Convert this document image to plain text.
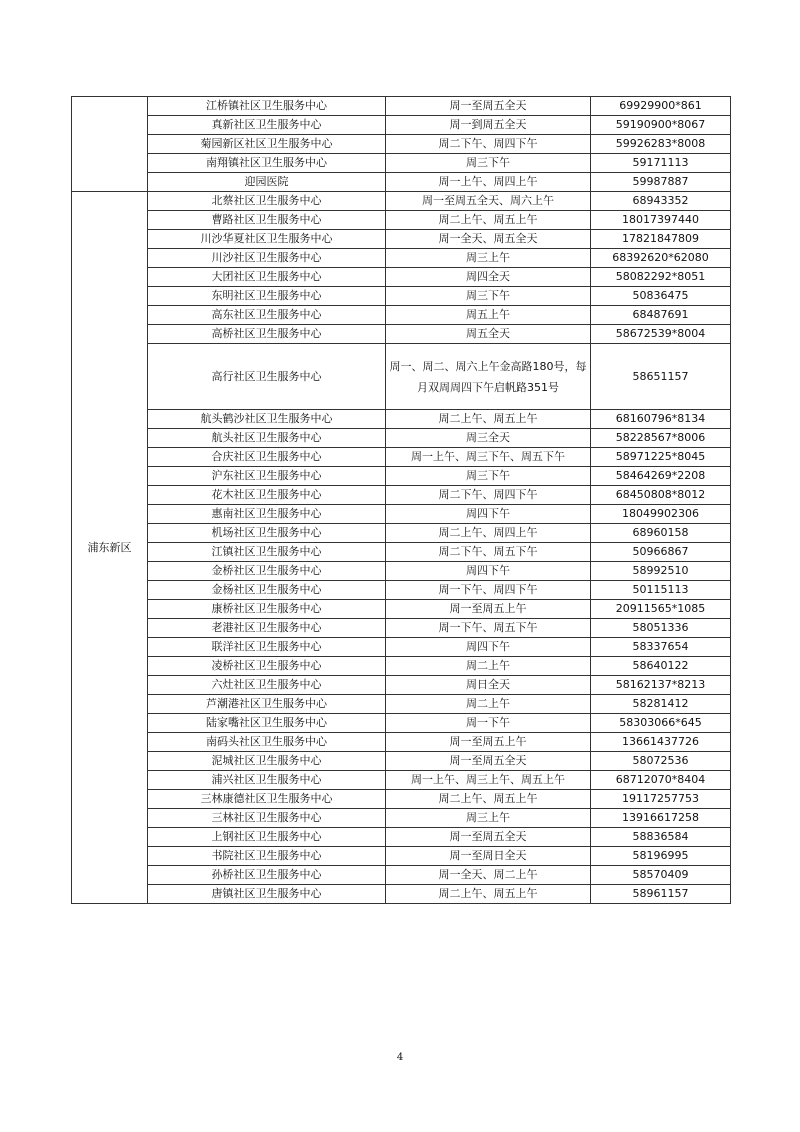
	江桥镇社区卫生服务中心	周一至周五全天	69929900*861
	真新社区卫生服务中心	周一到周五全天	59190900*8067
	菊园新区社区卫生服务中心	周二下午、周四下午	59926283*8008
	南翔镇社区卫生服务中心	周三下午	59171113
	迎园医院	周一上午、周四上午	59987887
浦东新区	北蔡社区卫生服务中心	周一至周五全天、周六上午	68943352
	曹路社区卫生服务中心	周二上午、周五上午	18017397440
	川沙华夏社区卫生服务中心	周一全天、周五全天	17821847809
	川沙社区卫生服务中心	周三上午	68392620*62080
	大团社区卫生服务中心	周四全天	58082292*8051
	东明社区卫生服务中心	周三下午	50836475
	高东社区卫生服务中心	周五上午	68487691
	高桥社区卫生服务中心	周五全天	58672539*8004
	高行社区卫生服务中心	周一、周二、周六上午金高路180号，每月双周周四下午启帆路351号	58651157
	航头鹤沙社区卫生服务中心	周二上午、周五上午	68160796*8134
	航头社区卫生服务中心	周三全天	58228567*8006
	合庆社区卫生服务中心	周一上午、周三下午、周五下午	58971225*8045
	沪东社区卫生服务中心	周三下午	58464269*2208
	花木社区卫生服务中心	周二下午、周四下午	68450808*8012
	惠南社区卫生服务中心	周四下午	18049902306
	机场社区卫生服务中心	周二上午、周四上午	68960158
	江镇社区卫生服务中心	周二下午、周五下午	50966867
	金桥社区卫生服务中心	周四下午	58992510
	金杨社区卫生服务中心	周一下午、周四下午	50115113
	康桥社区卫生服务中心	周一至周五上午	20911565*1085
	老港社区卫生服务中心	周一下午、周五下午	58051336
	联洋社区卫生服务中心	周四下午	58337654
	凌桥社区卫生服务中心	周二上午	58640122
	六灶社区卫生服务中心	周日全天	58162137*8213
	芦潮港社区卫生服务中心	周二上午	58281412
	陆家嘴社区卫生服务中心	周一下午	58303066*645
	南码头社区卫生服务中心	周一至周五上午	13661437726
	泥城社区卫生服务中心	周一至周五全天	58072536
	浦兴社区卫生服务中心	周一上午、周三上午、周五上午	68712070*8404
	三林康德社区卫生服务中心	周二上午、周五上午	19117257753
	三林社区卫生服务中心	周三上午	13916617258
	上钢社区卫生服务中心	周一至周五全天	58836584
	书院社区卫生服务中心	周一至周日全天	58196995
	孙桥社区卫生服务中心	周一全天、周二上午	58570409
	唐镇社区卫生服务中心	周二上午、周五上午	58961157
4
